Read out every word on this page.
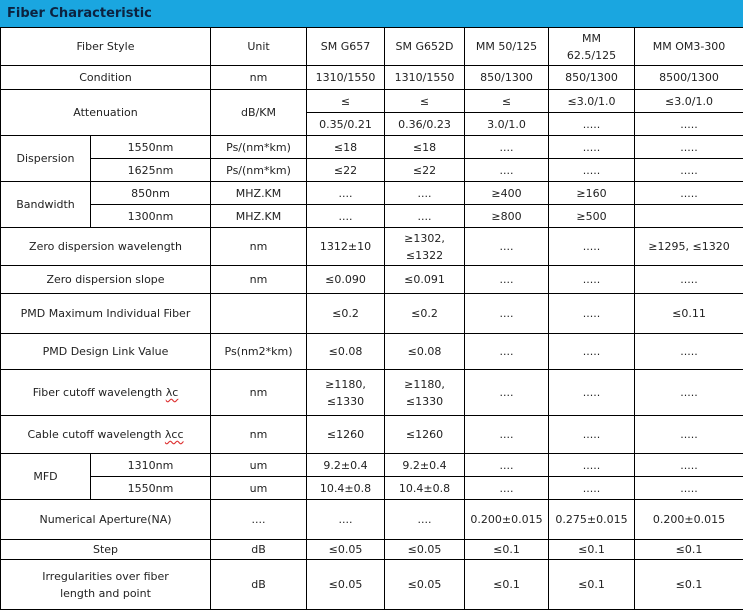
Fiber Characteristic
Fiber Style		Unit	SM G657	SM G652D	MM 50/125	MM
62.5/125	MM OM3-300
Condition		nm	1310/1550	1310/1550	850/1300	850/1300	8500/1300
Attenuation		dB/KM	≤	≤	≤	≤3.0/1.0	≤3.0/1.0
			0.35/0.21	0.36/0.23	3.0/1.0	.....	.....
Dispersion	1550nm	Ps/(nm*km)	≤18	≤18	....	.....	.....
	1625nm	Ps/(nm*km)	≤22	≤22	....	.....	.....
Bandwidth	850nm	MHZ.KM	....	....	≥400	≥160	.....
	1300nm	MHZ.KM	....	....	≥800	≥500	
Zero dispersion wavelength		nm	1312±10	≥1302, ≤1322	....	.....	≥1295, ≤1320
Zero dispersion slope		nm	≤0.090	≤0.091	....	.....	.....
PMD Maximum Individual Fiber			≤0.2	≤0.2	....	.....	≤0.11
PMD Design Link Value		Ps(nm2*km)	≤0.08	≤0.08	....	.....	.....
Fiber cutoff wavelength λc		nm	≥1180,
≤1330	≥1180, ≤1330	....	.....	.....
Cable cutoff wavelength λcc		nm	≤1260	≤1260	....	.....	.....
MFD	1310nm	um	9.2±0.4	9.2±0.4	....	.....	.....
	1550nm	um	10.4±0.8	10.4±0.8	....	.....	.....
Numerical Aperture(NA)		....	....	....	0.200±0.015	0.275±0.015	0.200±0.015
Step		dB	≤0.05	≤0.05	≤0.1	≤0.1	≤0.1

Irregularities over fiber
length and point		dB	≤0.05	≤0.05	≤0.1	≤0.1	≤0.1
